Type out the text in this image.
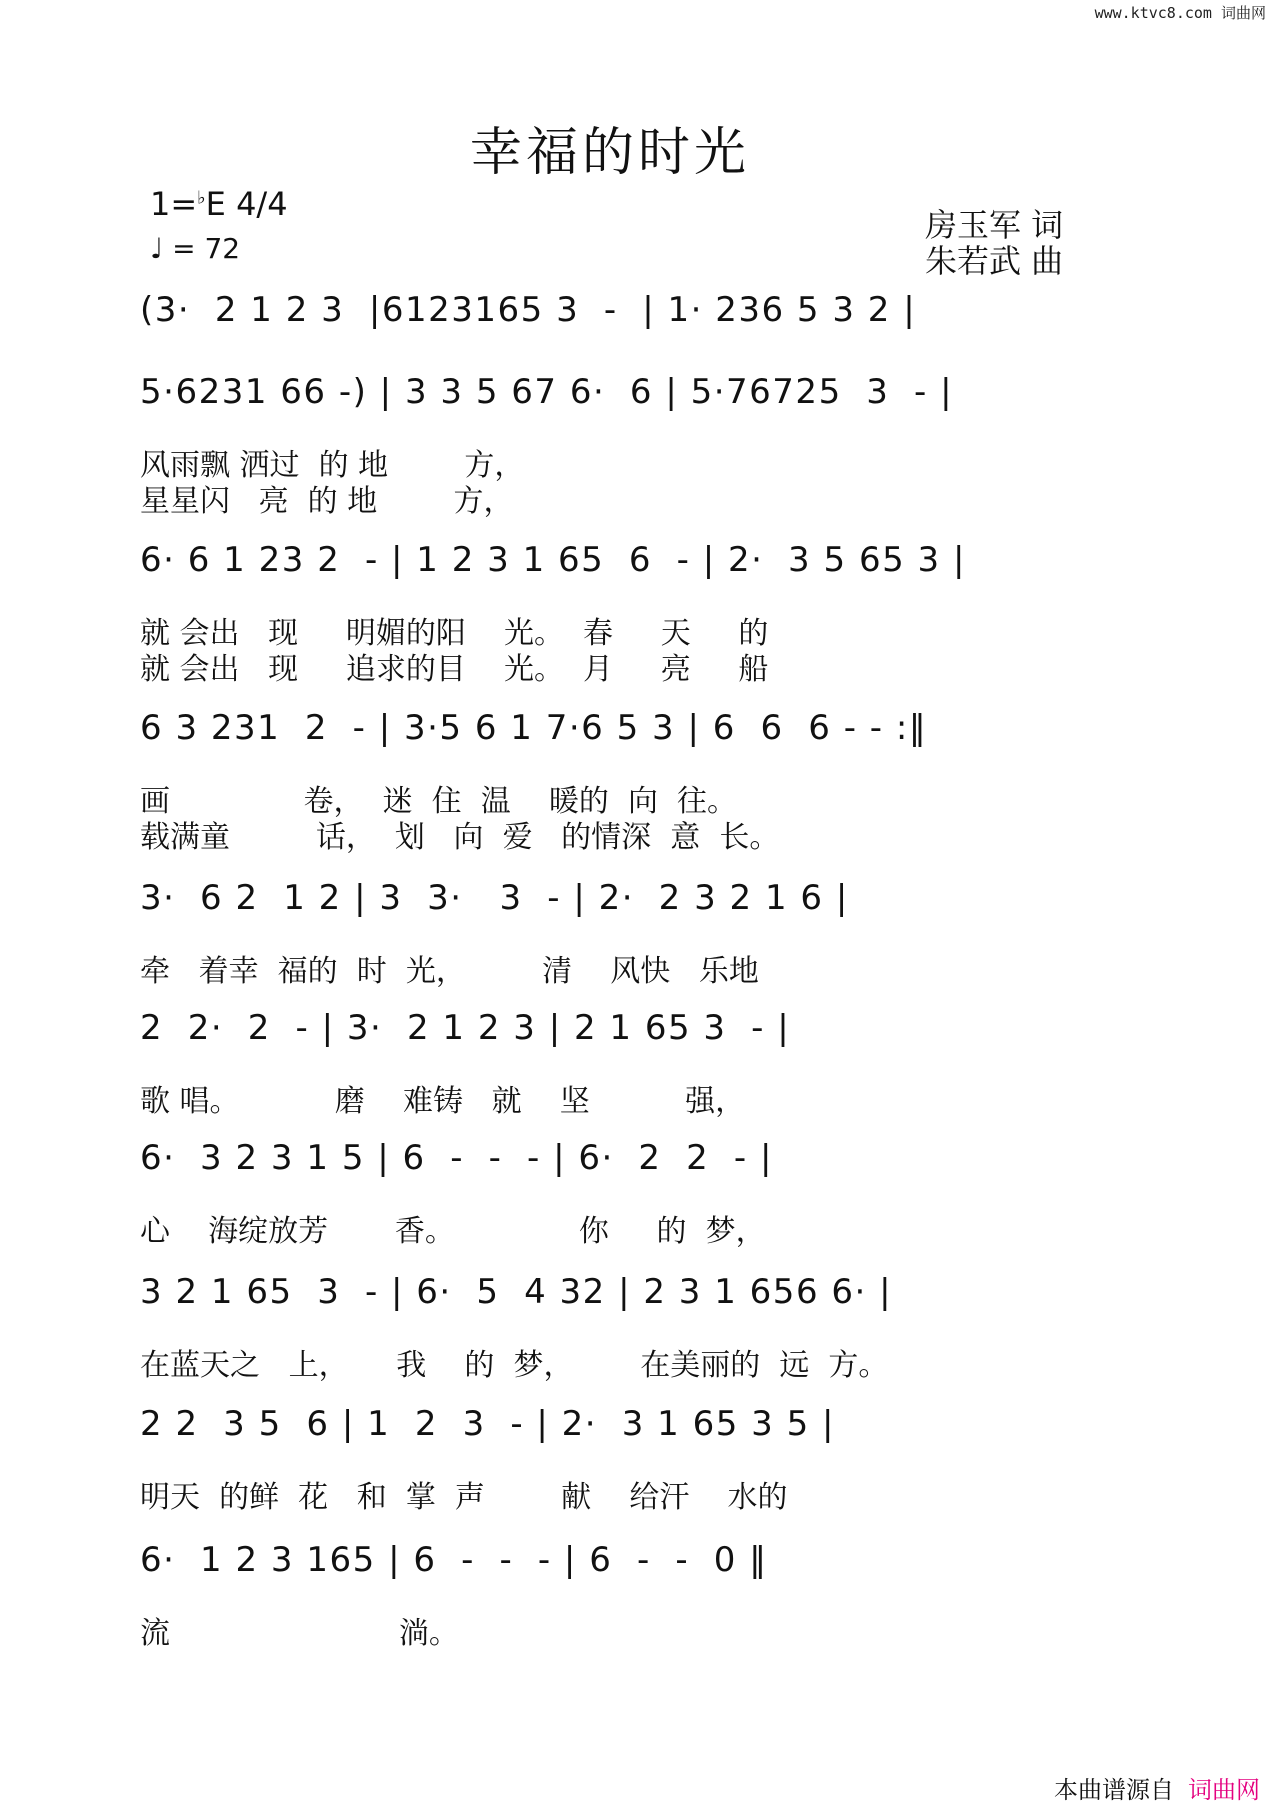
www.ktvc8.com 词曲网
幸福的时光
1=♭E 4/4
♩ = 72
房玉军 词
朱若武 曲
(3·  2 1 2 3  |6123165 3  -  | 1· 236 5 3 2 |
5·6231 66 -) | 3 3 5 67 6·  6 | 5·76725  3  - |
风雨飘 洒过  的 地        方，
星星闪   亮  的 地        方，
6· 6 1 23 2  - | 1 2 3 1 65  6  - | 2·  3 5 65 3 |
就 会出   现     明媚的阳    光。  春     天     的
就 会出   现     追求的目    光。  月     亮     船
6 3 231  2  - | 3·5 6 1 7·6 5 3 | 6  6  6 - - :‖
画              卷，  迷  住  温    暖的  向  往。
载满童         话，  划   向  爱   的情深  意  长。
3·  6 2  1 2 | 3  3·   3  - | 2·  2 3 2 1 6 |
牵   着幸  福的  时  光，        清    风快   乐地
2  2·  2  - | 3·  2 1 2 3 | 2 1 65 3  - |
歌 唱。          磨    难铸   就    坚          强，
6·  3 2 3 1 5 | 6  -  -  - | 6·  2  2  - |
心    海绽放芳       香。             你     的  梦，
3 2 1 65  3  - | 6·  5  4 32 | 2 3 1 656 6· |
在蓝天之   上，     我    的  梦，       在美丽的  远  方。
2 2  3 5  6 | 1  2  3  - | 2·  3 1 65 3 5 |
明天  的鲜  花   和  掌  声        献    给汗    水的
6·  1 2 3 165 | 6  -  -  - | 6  -  -  0 ‖
流                        淌。
本曲谱源自 词曲网
